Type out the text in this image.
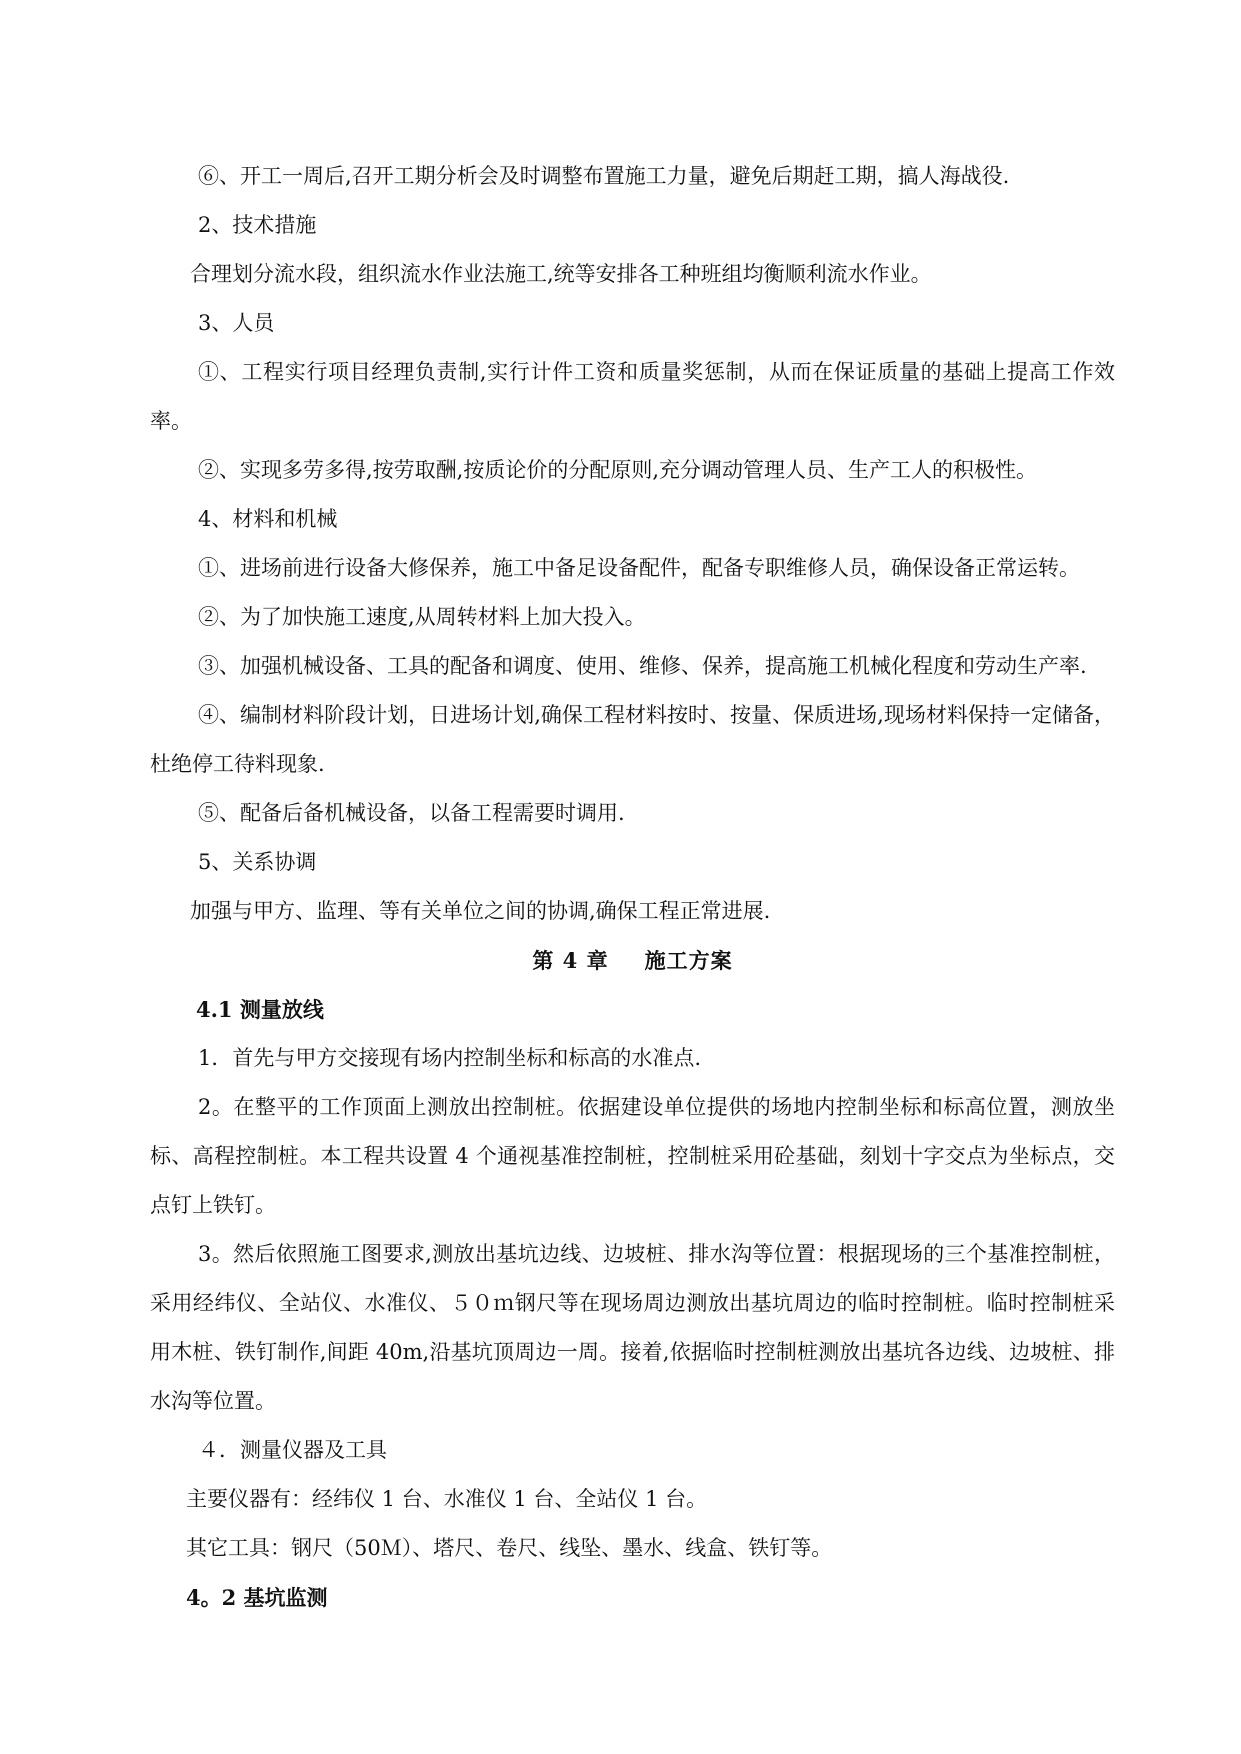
⑥、开工一周后,召开工期分析会及时调整布置施工力量，避免后期赶工期，搞人海战役.

2、技术措施

合理划分流水段，组织流水作业法施工,统等安排各工种班组均衡顺利流水作业。

3、人员

①、工程实行项目经理负责制,实行计件工资和质量奖惩制，从而在保证质量的基础上提高工作效率。

②、实现多劳多得,按劳取酬,按质论价的分配原则,充分调动管理人员、生产工人的积极性。

4、材料和机械

①、进场前进行设备大修保养，施工中备足设备配件，配备专职维修人员，确保设备正常运转。

②、为了加快施工速度,从周转材料上加大投入。

③、加强机械设备、工具的配备和调度、使用、维修、保养，提高施工机械化程度和劳动生产率.

④、编制材料阶段计划，日进场计划,确保工程材料按时、按量、保质进场,现场材料保持一定储备，杜绝停工待料现象.

⑤、配备后备机械设备，以备工程需要时调用.

5、关系协调

加强与甲方、监理、等有关单位之间的协调,确保工程正常进展.

第 4 章 施工方案

4.1 测量放线

1．首先与甲方交接现有场内控制坐标和标高的水准点.

2。在整平的工作顶面上测放出控制桩。依据建设单位提供的场地内控制坐标和标高位置，测放坐标、高程控制桩。本工程共设置 4 个通视基准控制桩，控制桩采用砼基础，刻划十字交点为坐标点，交点钉上铁钉。

3。然后依照施工图要求,测放出基坑边线、边坡桩、排水沟等位置：根据现场的三个基准控制桩，采用经纬仪、全站仪、水准仪、５０ｍ钢尺等在现场周边测放出基坑周边的临时控制桩。临时控制桩采用木桩、铁钉制作,间距 40m,沿基坑顶周边一周。接着,依据临时控制桩测放出基坑各边线、边坡桩、排水沟等位置。

４．测量仪器及工具

主要仪器有：经纬仪 1 台、水准仪 1 台、全站仪 1 台。

其它工具：钢尺（50Ｍ）、塔尺、卷尺、线坠、墨水、线盒、铁钉等。

4。2 基坑监测
